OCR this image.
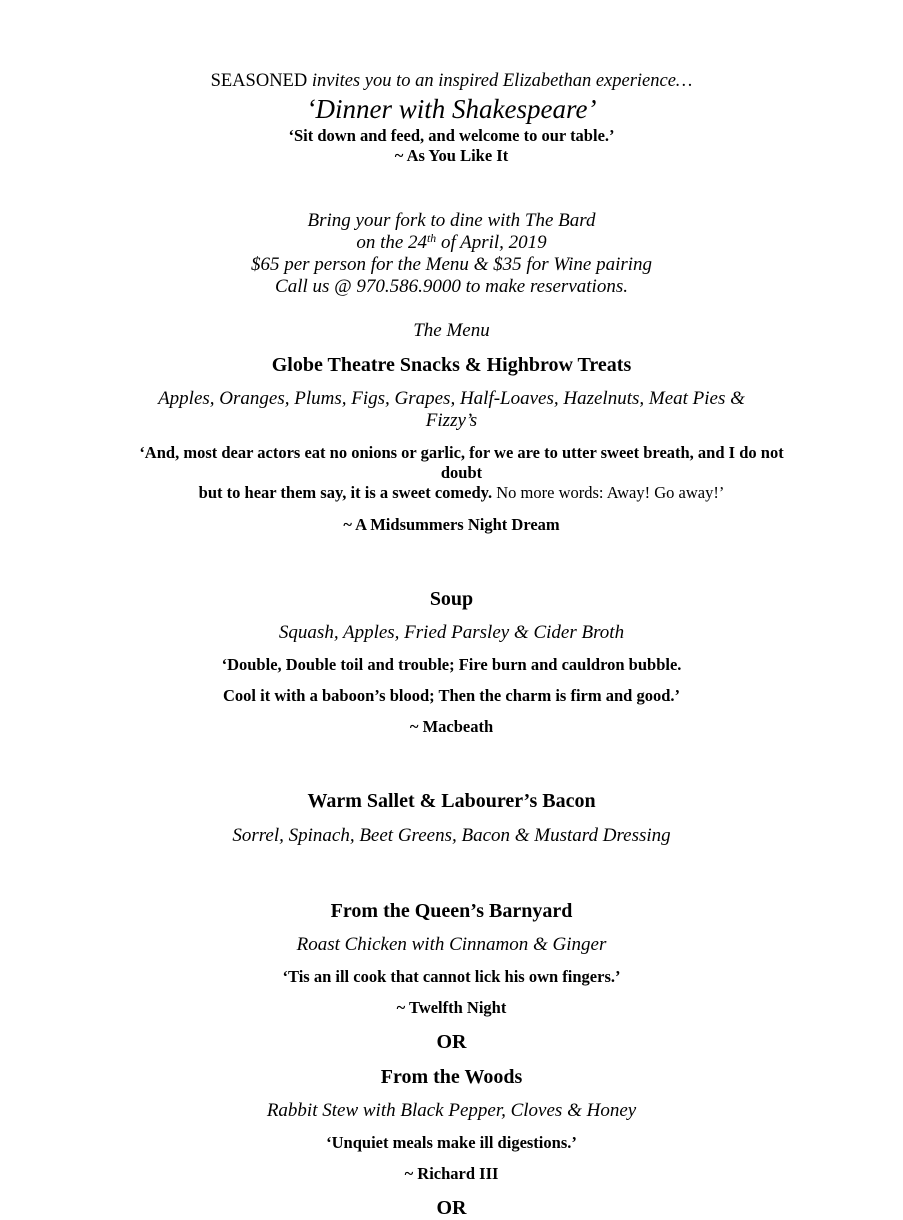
SEASONED invites you to an inspired Elizabethan experience…
‘Dinner with Shakespeare’
‘Sit down and feed, and welcome to our table.’
~ As You Like It
Bring your fork to dine with The Bard
on the 24th of April, 2019
$65 per person for the Menu & $35 for Wine pairing
Call us @ 970.586.9000 to make reservations.
The Menu
Globe Theatre Snacks & Highbrow Treats
Apples, Oranges, Plums, Figs, Grapes, Half-Loaves, Hazelnuts, Meat Pies & Fizzy’s
‘And, most dear actors eat no onions or garlic, for we are to utter sweet breath, and I do not doubt
but to hear them say, it is a sweet comedy. No more words: Away! Go away!’
~ A Midsummers Night Dream
Soup
Squash, Apples, Fried Parsley & Cider Broth
‘Double, Double toil and trouble; Fire burn and cauldron bubble.
Cool it with a baboon’s blood; Then the charm is firm and good.’
~ Macbeath
Warm Sallet & Labourer’s Bacon
Sorrel, Spinach, Beet Greens, Bacon & Mustard Dressing
From the Queen’s Barnyard
Roast Chicken with Cinnamon & Ginger
‘Tis an ill cook that cannot lick his own fingers.’
~ Twelfth Night
OR
From the Woods
Rabbit Stew with Black Pepper, Cloves & Honey
‘Unquiet meals make ill digestions.’
~ Richard III
OR
